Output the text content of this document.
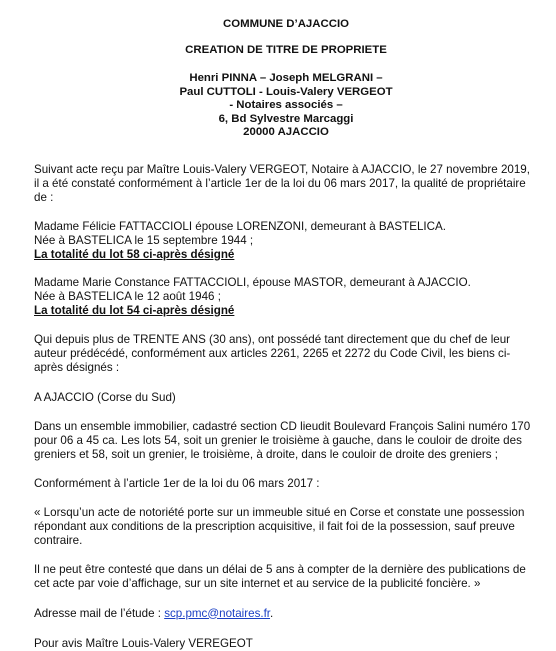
COMMUNE D’AJACCIO
CREATION DE TITRE DE PROPRIETE
Henri PINNA – Joseph MELGRANI –
Paul CUTTOLI - Louis-Valery VERGEOT
- Notaires associés –
6, Bd Sylvestre Marcaggi
20000 AJACCIO

Suivant acte reçu par Maître Louis-Valery VERGEOT, Notaire à AJACCIO, le 27 novembre 2019, il a été constaté conformément à l’article 1er de la loi du 06 mars 2017, la qualité de propriétaire de :

Madame Félicie FATTACCIOLI épouse LORENZONI, demeurant à BASTELICA.
Née à BASTELICA le 15 septembre 1944 ;
La totalité du lot 58 ci-après désigné
Madame Marie Constance FATTACCIOLI, épouse MASTOR, demeurant à AJACCIO.
Née à BASTELICA le 12 août 1946 ;
La totalité du lot 54 ci-après désigné

Qui depuis plus de TRENTE ANS (30 ans), ont possédé tant directement que du chef de leur auteur prédécédé, conformément aux articles 2261, 2265 et 2272 du Code Civil, les biens ci-après désignés :

A AJACCIO (Corse du Sud)

Dans un ensemble immobilier, cadastré section CD lieudit Boulevard François Salini numéro 170 pour 06 a 45 ca. Les lots 54, soit un grenier le troisième à gauche, dans le couloir de droite des greniers et 58, soit un grenier, le troisième, à droite, dans le couloir de droite des greniers ;

Conformément à l’article 1er de la loi du 06 mars 2017 :

« Lorsqu’un acte de notoriété porte sur un immeuble situé en Corse et constate une possession répondant aux conditions de la prescription acquisitive, il fait foi de la possession, sauf preuve contraire.

Il ne peut être contesté que dans un délai de 5 ans à compter de la dernière des publications de cet acte par voie d’affichage, sur un site internet et au service de la publicité foncière. »

Adresse mail de l’étude : scp.pmc@notaires.fr.

Pour avis Maître Louis-Valery VEREGEOT
